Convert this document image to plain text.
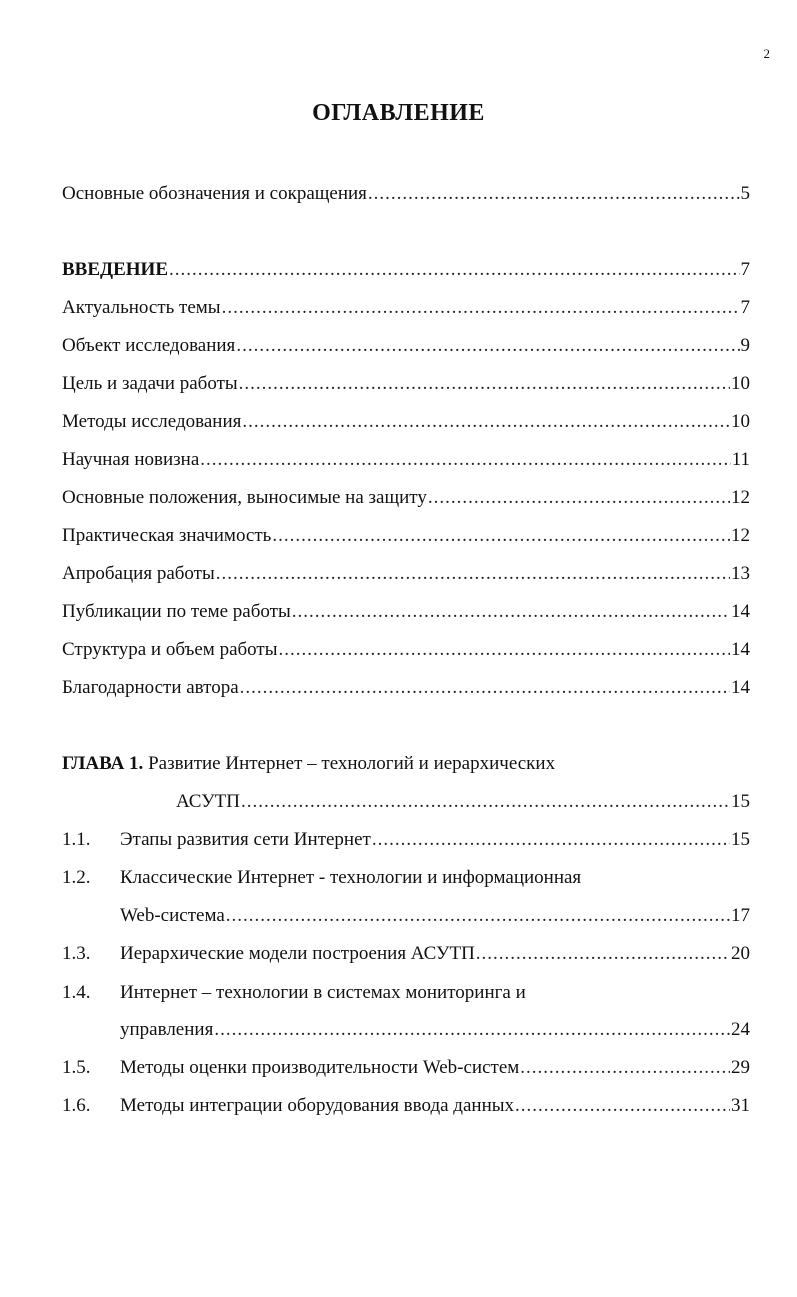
2
ОГЛАВЛЕНИЕ
Основные обозначения и сокращения .....	5
ВВЕДЕНИЕ .....	7
Актуальность темы .....	7
Объект исследования .....	9
Цель и задачи работы .....	10
Методы исследования .....	10
Научная новизна .....	11
Основные положения, выносимые на защиту .....	12
Практическая значимость .....	12
Апробация работы .....	13
Публикации по теме работы .....	14
Структура и объем работы .....	14
Благодарности автора .....	14
ГЛАВА 1. Развитие Интернет – технологий и иерархических
АСУТП .....	15
1.1. Этапы развития сети Интернет .....	15
1.2. Классические Интернет - технологии и информационная
Web-система .....	17
1.3. Иерархические модели построения АСУТП .....	20
1.4. Интернет – технологии в системах мониторинга и
управления .....	24
1.5. Методы оценки производительности Web-систем .....	29
1.6. Методы интеграции оборудования ввода данных .....	31
